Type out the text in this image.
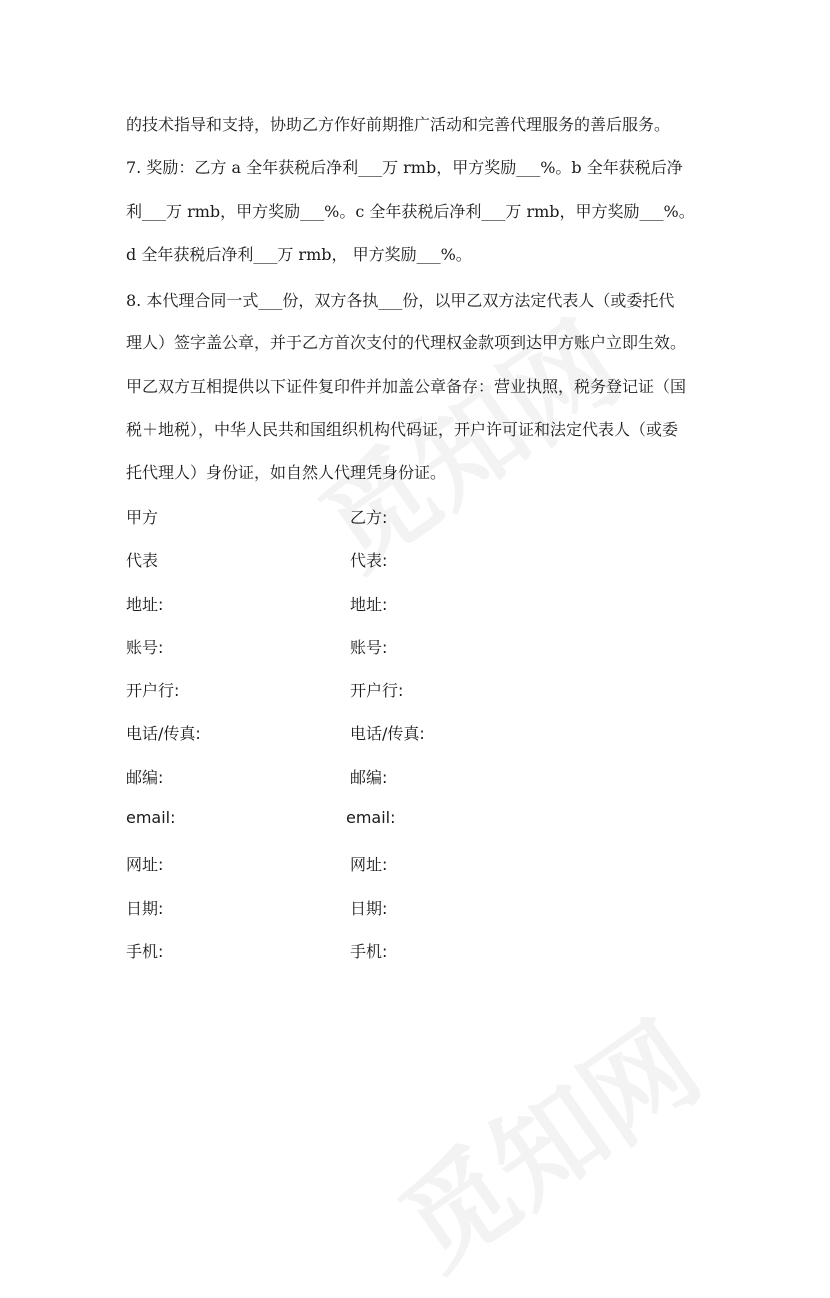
的技术指导和支持，协助乙方作好前期推广活动和完善代理服务的善后服务。
7. 奖励：乙方 a 全年获税后净利___万 rmb，甲方奖励___%。b 全年获税后净
利___万 rmb，甲方奖励___%。c 全年获税后净利___万 rmb，甲方奖励___%。
d 全年获税后净利___万 rmb， 甲方奖励___%。
8. 本代理合同一式___份，双方各执___份，以甲乙双方法定代表人（或委托代
理人）签字盖公章，并于乙方首次支付的代理权金款项到达甲方账户立即生效。
甲乙双方互相提供以下证件复印件并加盖公章备存：营业执照，税务登记证（国
税＋地税），中华人民共和国组织机构代码证，开户许可证和法定代表人（或委
托代理人）身份证，如自然人代理凭身份证。
甲方
代表
地址:
账号:
开户行:
电话/传真:
邮编:
email:
网址:
日期:
手机:
乙方:
代表:
地址:
账号:
开户行:
电话/传真:
邮编:
email:
网址:
日期:
手机:
